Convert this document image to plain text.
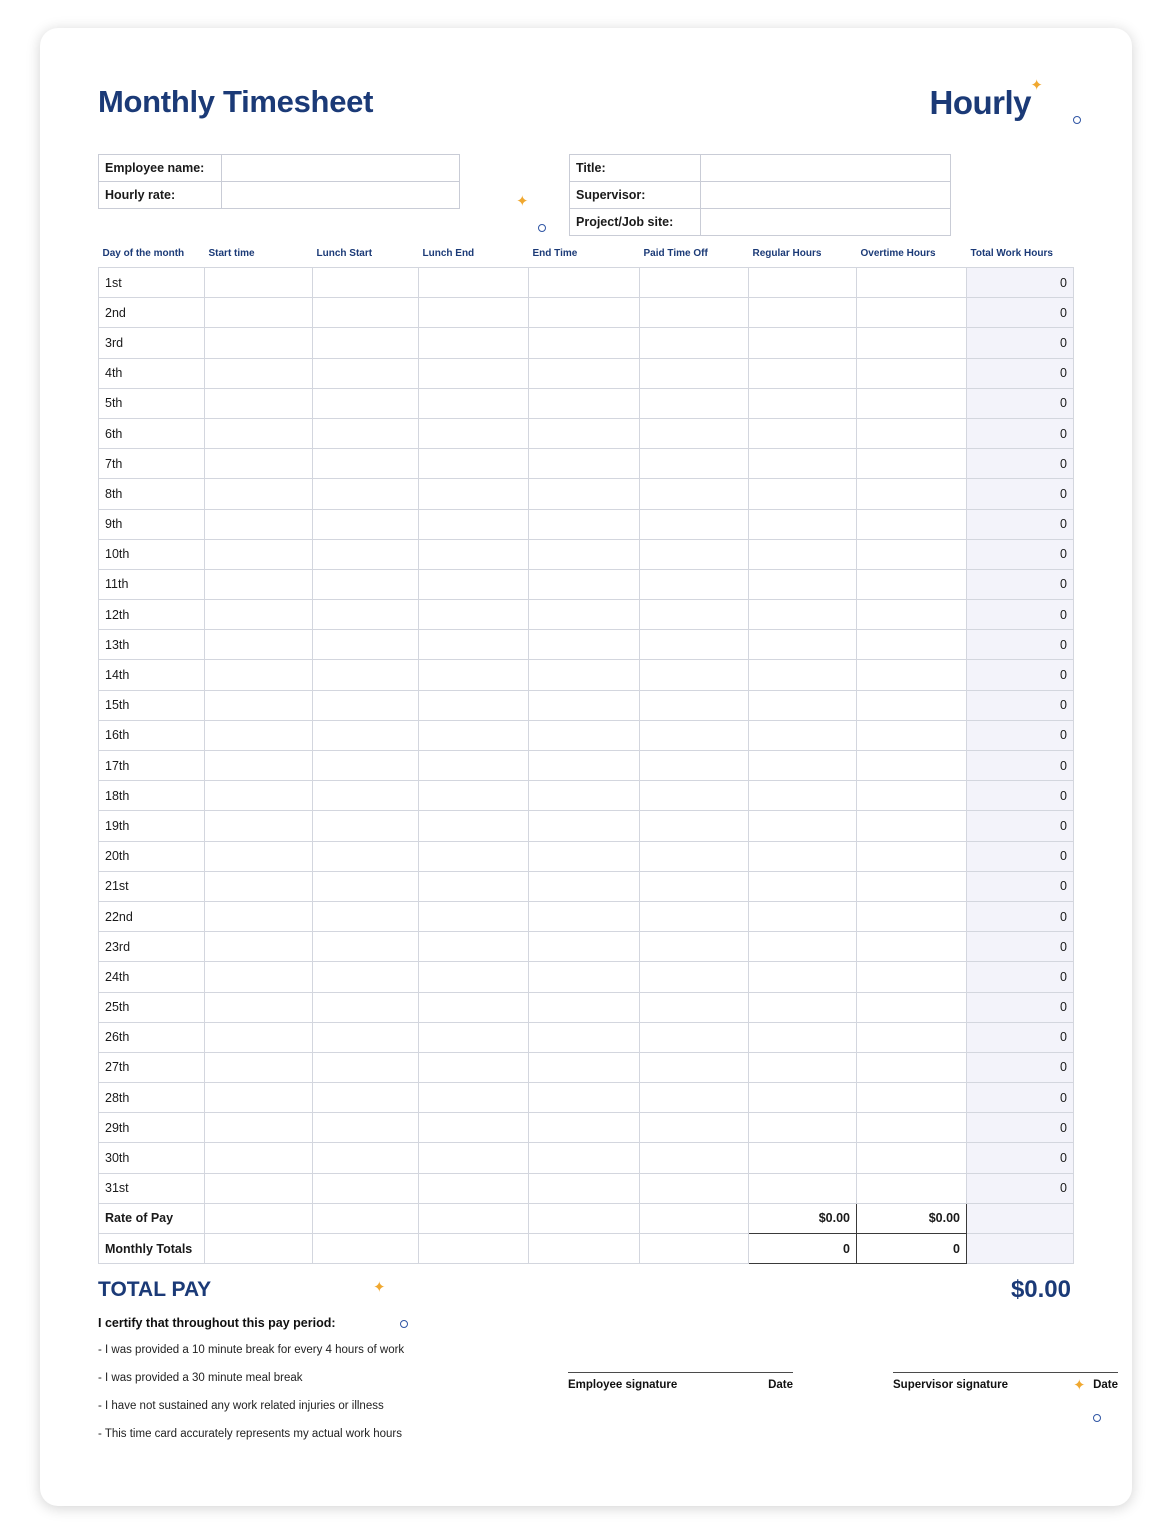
Monthly Timesheet	Hourly ✦
Employee name:	
Hourly rate:		✦
Title:	
Supervisor:	
Project/Job site:	
Day of the month	Start time	Lunch Start	Lunch End	End Time	Paid Time Off	Regular Hours	Overtime Hours	Total Work Hours
1st								0
2nd								0
3rd								0
4th								0
5th								0
6th								0
7th								0
8th								0
9th								0
10th								0
11th								0
12th								0
13th								0
14th								0
15th								0
16th								0
17th								0
18th								0
19th								0
20th								0
21st								0
22nd								0
23rd								0
24th								0
25th								0
26th								0
27th								0
28th								0
29th								0
30th								0
31st								0
Rate of Pay						$0.00	$0.00	
Monthly Totals						0	0	
TOTAL PAY	✦	$0.00
I certify that throughout this pay period:
- I was provided a 10 minute break for every 4 hours of work
- I was provided a 30 minute meal break
- I have not sustained any work related injuries or illness
- This time card accurately represents my actual work hours
Employee signature	Date	Supervisor signature	Date
✦
